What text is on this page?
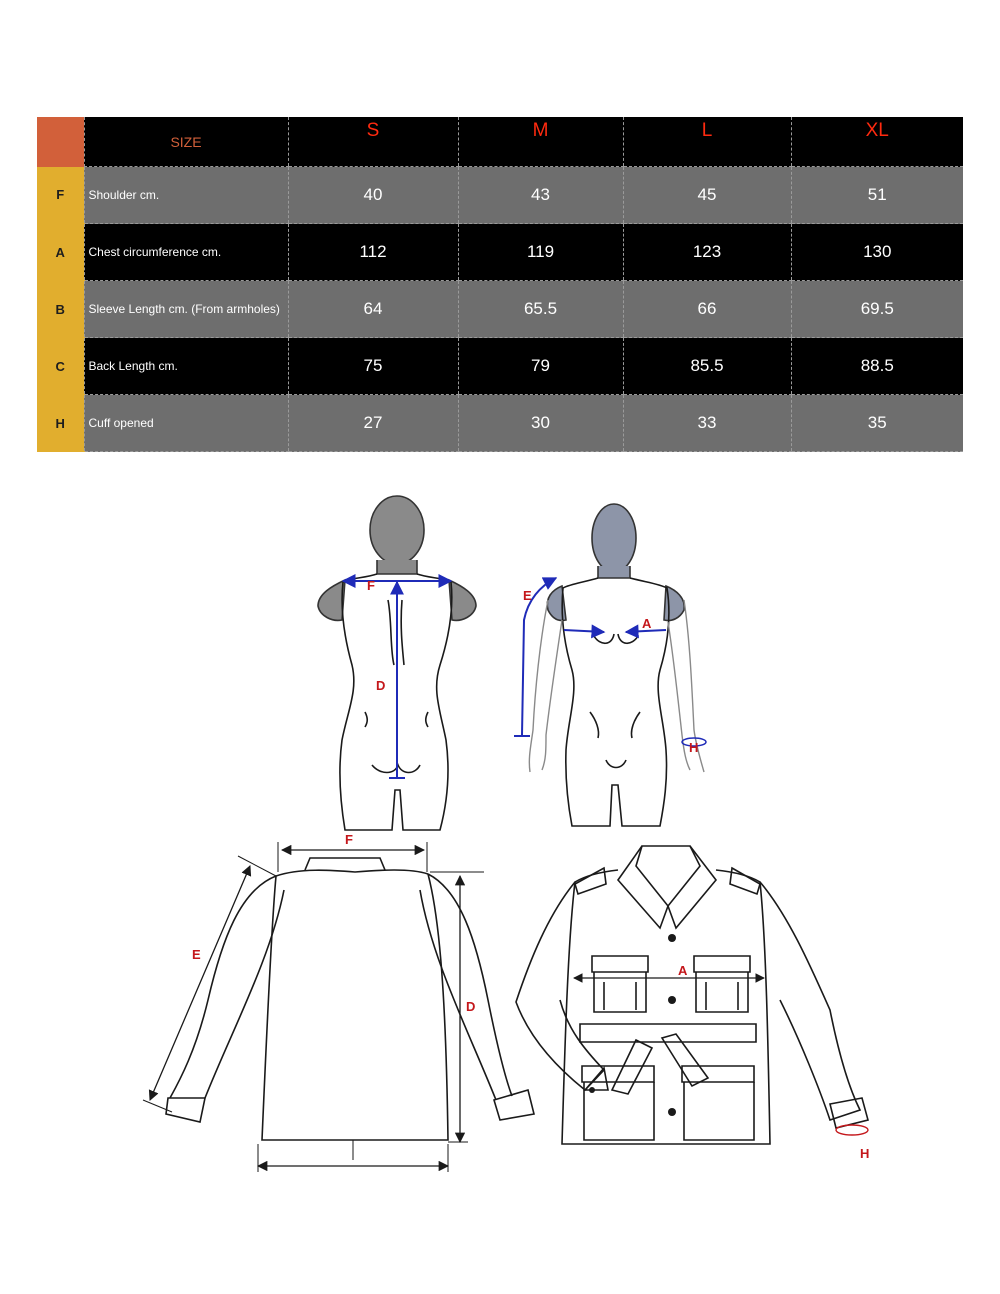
	SIZE	S	M	L	XL
F	Shoulder cm.	40	43	45	51
A	Chest circumference cm.	112	119	123	130
B	Sleeve Length cm. (From armholes)	64	65.5	66	69.5
C	Back Length cm.	75	79	85.5	88.5
H	Cuff opened	27	30	33	35
F
D
E
A
H
F
E
D
A
H
